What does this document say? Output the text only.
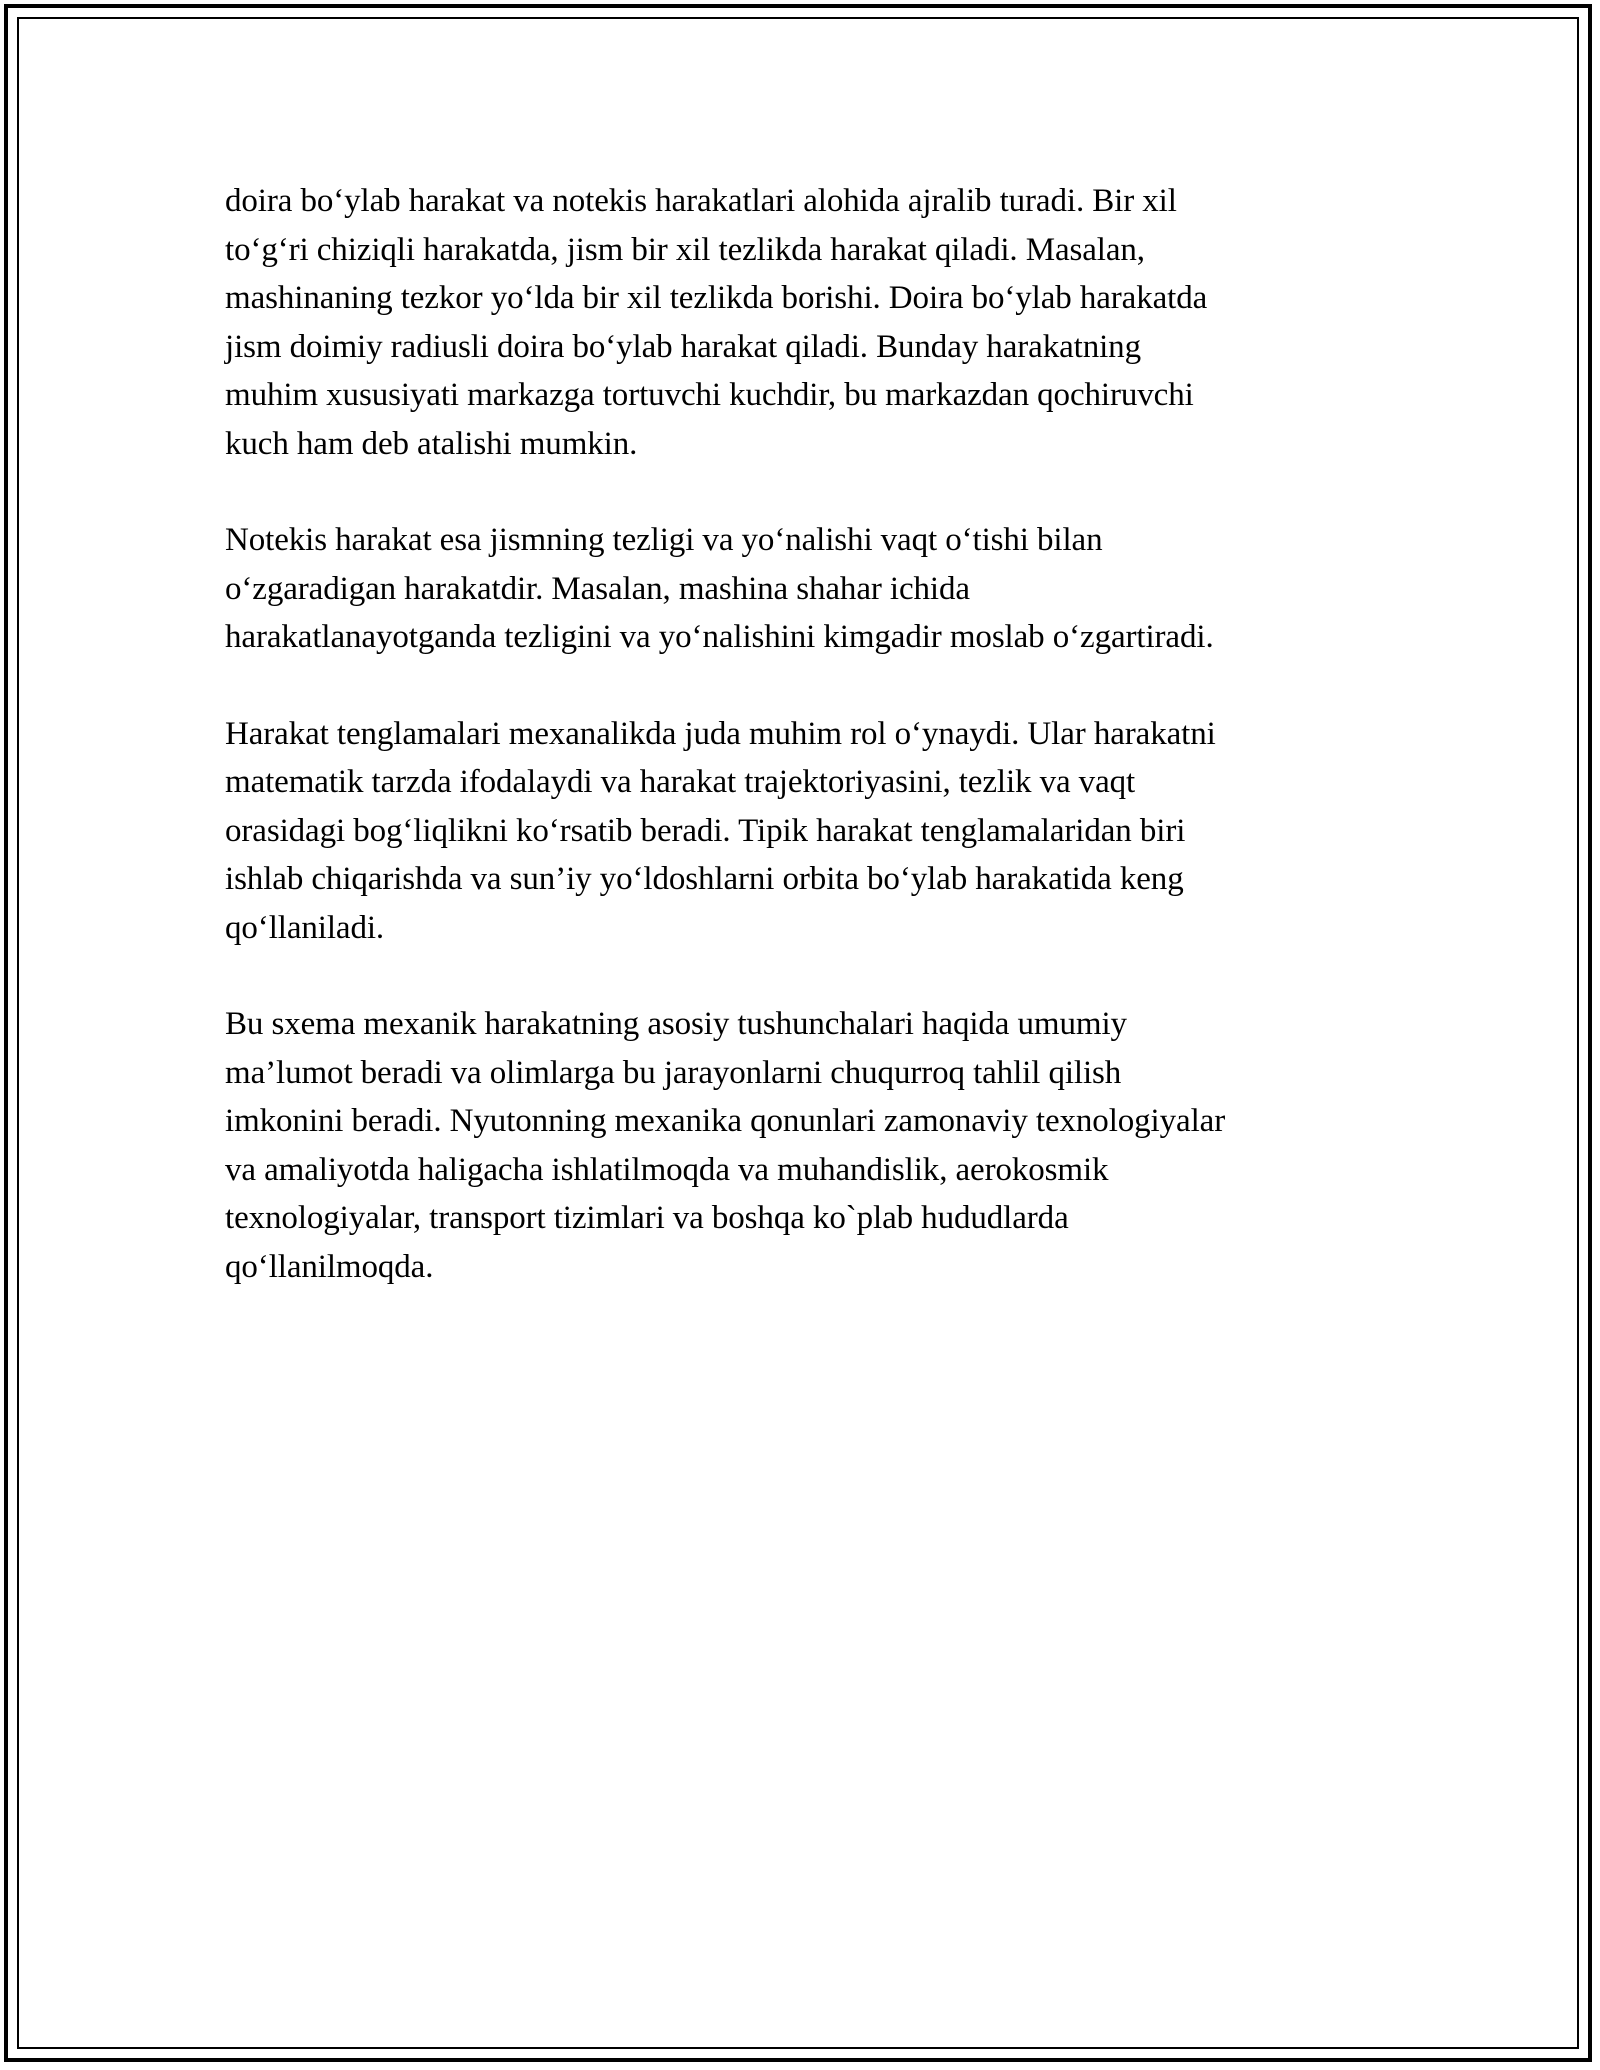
doira bo‘ylab harakat va notekis harakatlari alohida ajralib turadi. Bir xil
to‘g‘ri chiziqli harakatda, jism bir xil tezlikda harakat qiladi. Masalan,
mashinaning tezkor yo‘lda bir xil tezlikda borishi. Doira bo‘ylab harakatda
jism doimiy radiusli doira bo‘ylab harakat qiladi. Bunday harakatning
muhim xususiyati markazga tortuvchi kuchdir, bu markazdan qochiruvchi
kuch ham deb atalishi mumkin.

Notekis harakat esa jismning tezligi va yo‘nalishi vaqt o‘tishi bilan
o‘zgaradigan harakatdir. Masalan, mashina shahar ichida
harakatlanayotganda tezligini va yo‘nalishini kimgadir moslab o‘zgartiradi.

Harakat tenglamalari mexanalikda juda muhim rol o‘ynaydi. Ular harakatni
matematik tarzda ifodalaydi va harakat trajektoriyasini, tezlik va vaqt
orasidagi bog‘liqlikni ko‘rsatib beradi. Tipik harakat tenglamalaridan biri
ishlab chiqarishda va sun’iy yo‘ldoshlarni orbita bo‘ylab harakatida keng
qo‘llaniladi.

Bu sxema mexanik harakatning asosiy tushunchalari haqida umumiy
ma’lumot beradi va olimlarga bu jarayonlarni chuqurroq tahlil qilish
imkonini beradi. Nyutonning mexanika qonunlari zamonaviy texnologiyalar
va amaliyotda haligacha ishlatilmoqda va muhandislik, aerokosmik
texnologiyalar, transport tizimlari va boshqa ko`plab hududlarda
qo‘llanilmoqda.
